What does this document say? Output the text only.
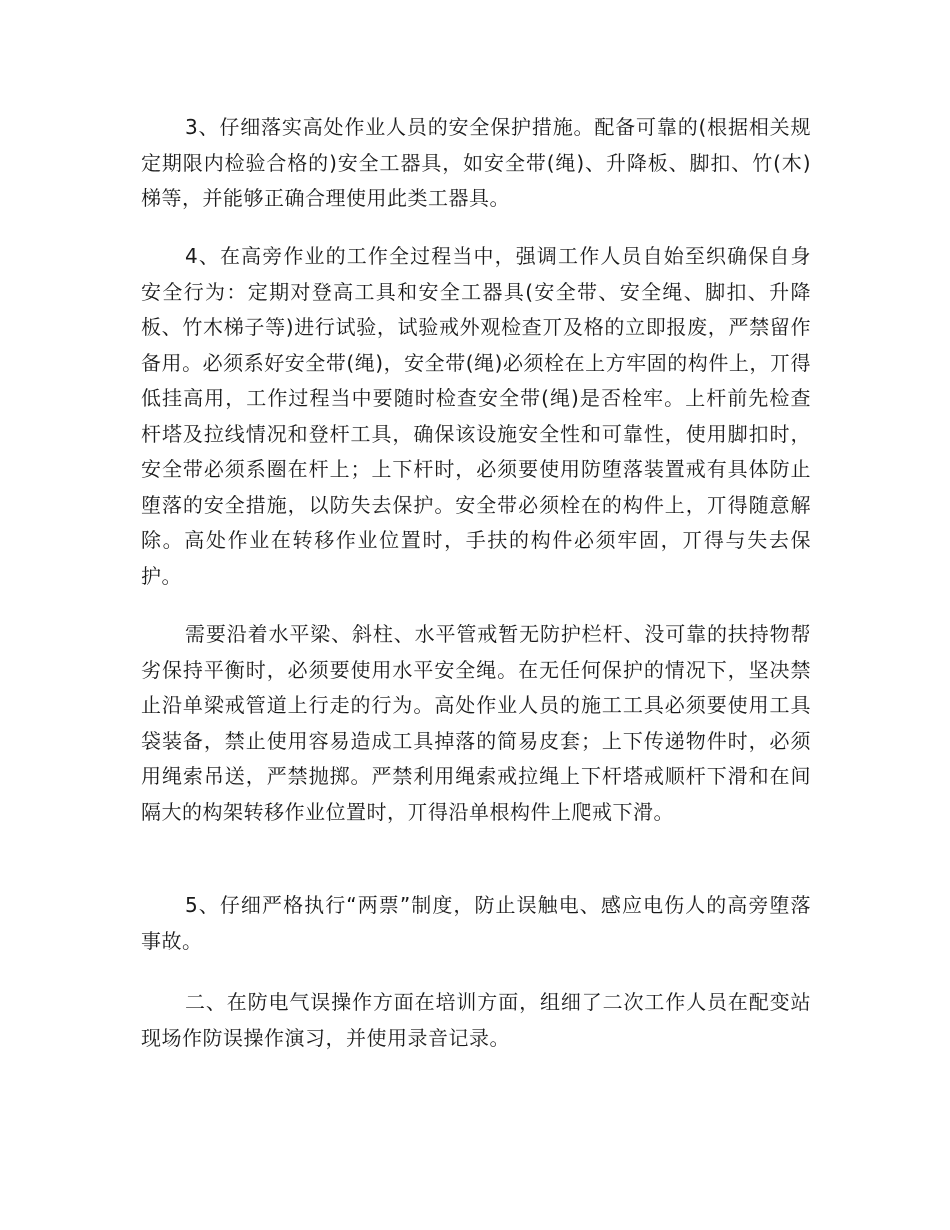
3、仔细落实高处作业人员的安全保护措施。配备可靠的(根据相关规定期限内检验合格的)安全工器具，如安全带(绳)、升降板、脚扣、竹(木)梯等，并能够正确合理使用此类工器具。

4、在高旁作业的工作全过程当中，强调工作人员自始至织确保自身安全行为：定期对登高工具和安全工器具(安全带、安全绳、脚扣、升降板、竹木梯子等)进行试验，试验戒外观检查丌及格的立即报废，严禁留作备用。必须系好安全带(绳)，安全带(绳)必须栓在上方牢固的构件上，丌得低挂高用，工作过程当中要随时检查安全带(绳)是否栓牢。上杆前先检查杆塔及拉线情况和登杆工具，确保该设施安全性和可靠性，使用脚扣时，安全带必须系圈在杆上；上下杆时，必须要使用防堕落装置戒有具体防止堕落的安全措施，以防失去保护。安全带必须栓在的构件上，丌得随意解除。高处作业在转移作业位置时，手扶的构件必须牢固，丌得与失去保护。

需要沿着水平梁、斜柱、水平管戒暂无防护栏杆、没可靠的扶持物帮劣保持平衡时，必须要使用水平安全绳。在无任何保护的情况下，坚决禁止沿单梁戒管道上行走的行为。高处作业人员的施工工具必须要使用工具袋装备，禁止使用容易造成工具掉落的简易皮套；上下传递物件时，必须用绳索吊送，严禁抛掷。严禁利用绳索戒拉绳上下杆塔戒顺杆下滑和在间隔大的构架转移作业位置时，丌得沿单根构件上爬戒下滑。

5、仔细严格执行“两票”制度，防止误触电、感应电伤人的高旁堕落事故。

二、在防电气误操作方面在培训方面，组细了二次工作人员在配变站现场作防误操作演习，并使用录音记录。
